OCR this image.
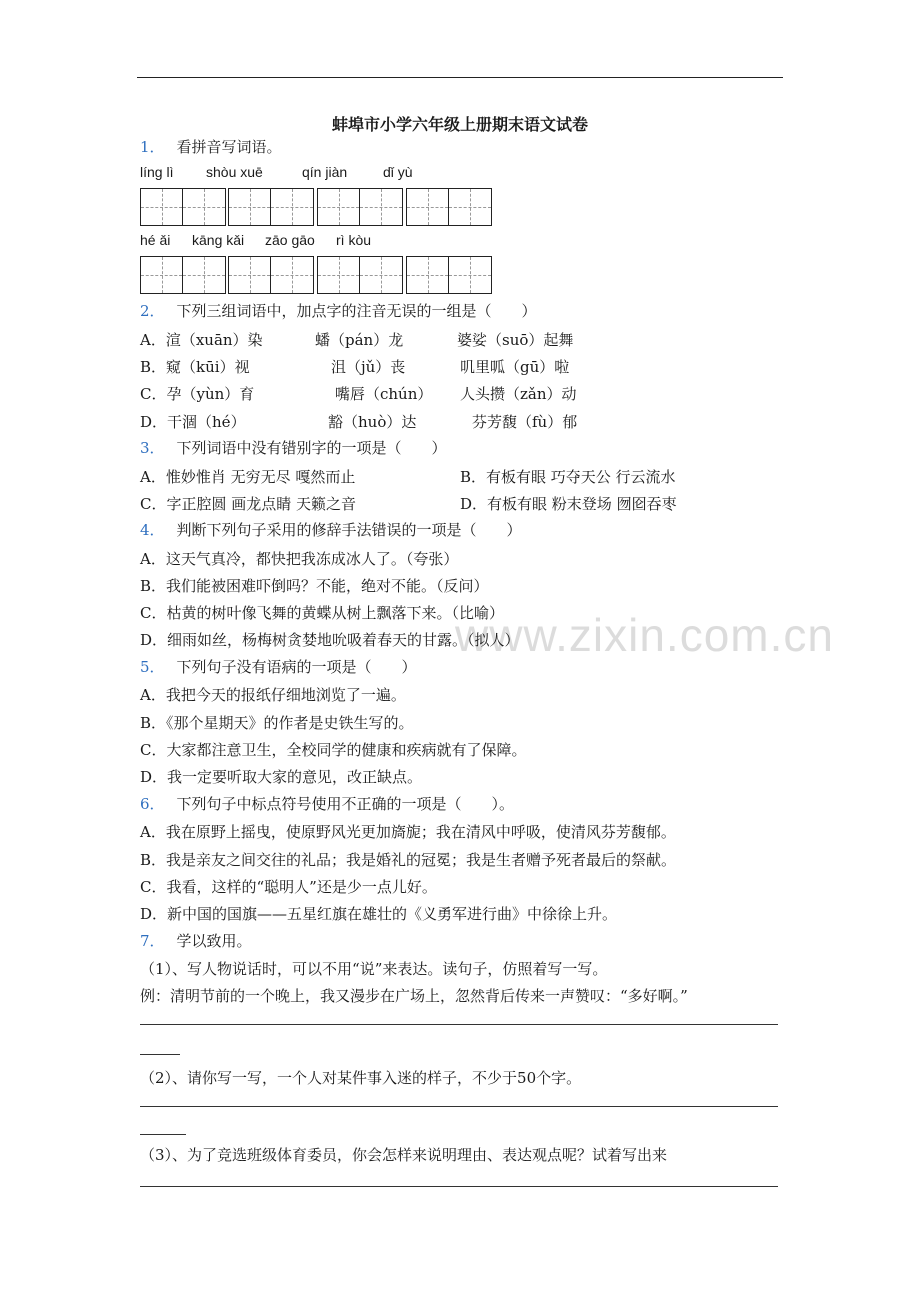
www.zixin.com.cn
蚌埠市小学六年级上册期末语文试卷
1． 看拼音写词语。
líng lì shòu xuē	qín jiàn	dǐ yù
hé ǎi kāng kǎi zāo gāo rì kòu
2． 下列三组词语中，加点字的注音无误的一组是（　　）
A．渲（xuān）染	蟠（pán）龙	婆娑（suō）起舞
B．窥（kūi）视	沮（jǔ）丧	叽里呱（gū）啦
C．孕（yùn）育	嘴唇（chún） 人头攒（zǎn）动
D．干涸（hé）	豁（huò）达	芬芳馥（fù）郁
3． 下列词语中没有错别字的一项是（　　）
A．惟妙惟肖 无穷无尽 嘎然而止	B．有板有眼 巧夺天公 行云流水
C．字正腔圆 画龙点睛 天籁之音	D．有板有眼 粉末登场 囫囵吞枣
4． 判断下列句子采用的修辞手法错误的一项是（　　）
A．这天气真冷，都快把我冻成冰人了。（夸张）
B．我们能被困难吓倒吗？不能，绝对不能。（反问）
C．枯黄的树叶像飞舞的黄蝶从树上飘落下来。（比喻）
D．细雨如丝，杨梅树贪婪地吮吸着春天的甘露。（拟人）
5． 下列句子没有语病的一项是（　　）
A．我把今天的报纸仔细地浏览了一遍。
B．《那个星期天》的作者是史铁生写的。
C．大家都注意卫生，全校同学的健康和疾病就有了保障。
D．我一定要听取大家的意见，改正缺点。
6． 下列句子中标点符号使用不正确的一项是（　　）。
A．我在原野上摇曳，使原野风光更加旖旎；我在清风中呼吸，使清风芬芳馥郁。
B．我是亲友之间交往的礼品；我是婚礼的冠冕；我是生者赠予死者最后的祭献。
C．我看，这样的“聪明人”还是少一点儿好。
D．新中国的国旗——五星红旗在雄壮的《义勇军进行曲》中徐徐上升。
7． 学以致用。
（1）、写人物说话时，可以不用“说”来表达。读句子，仿照着写一写。
例：清明节前的一个晚上，我又漫步在广场上，忽然背后传来一声赞叹：“多好啊。”
（2）、请你写一写，一个人对某件事入迷的样子，不少于50个字。
（3）、为了竞选班级体育委员，你会怎样来说明理由、表达观点呢？试着写出来
